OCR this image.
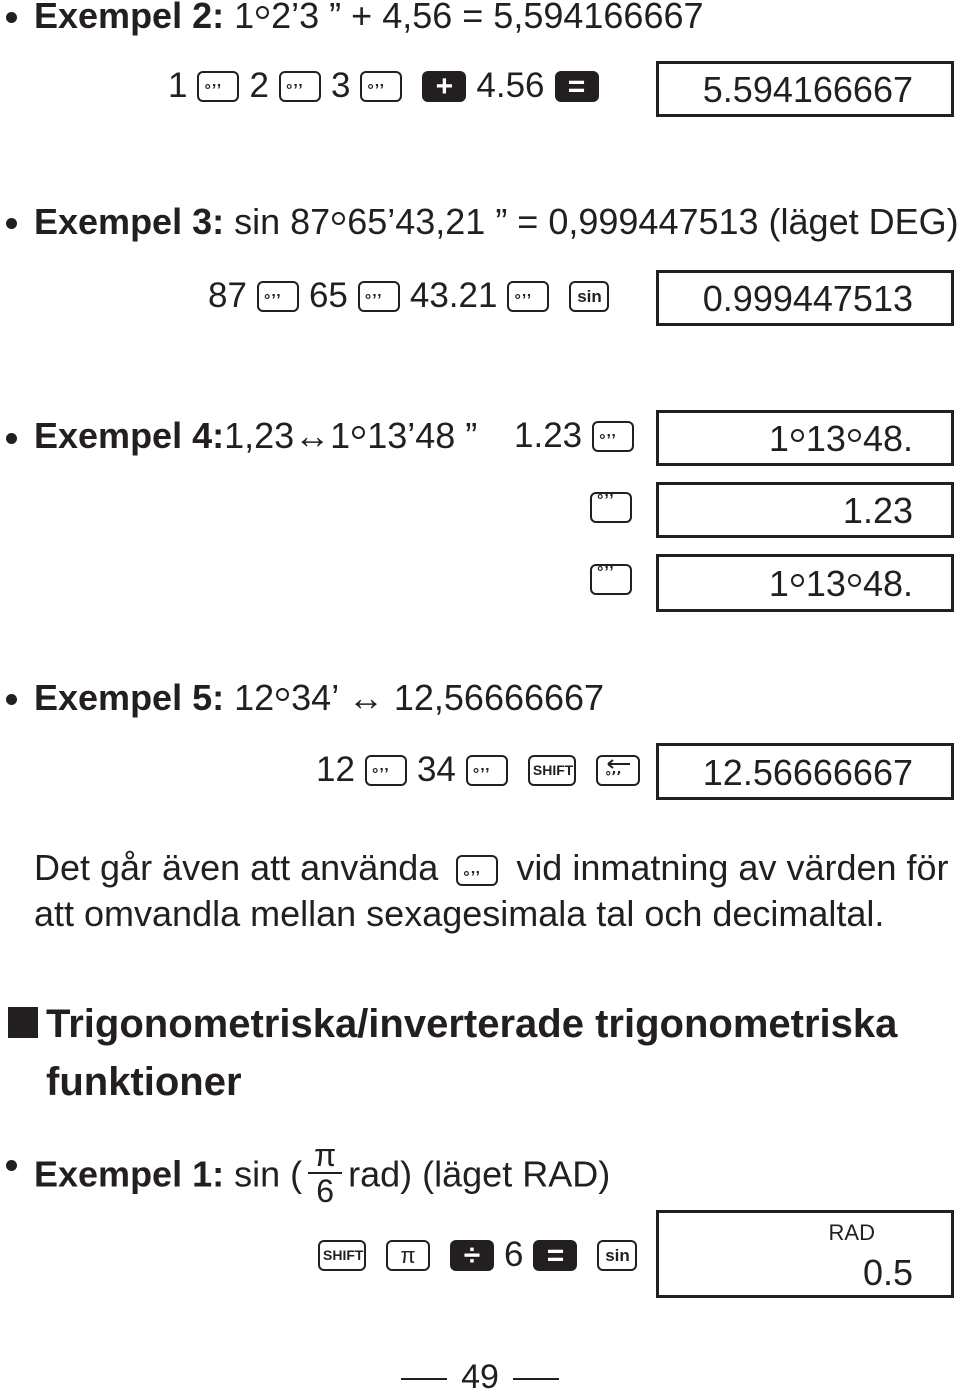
Exempel 2: 1 2’3 ” + 4,56 = 5,594166667
1 °’’ 2 °’’ 3 °’’	+ 4.56 =	5.594166667
Exempel 3: sin 87 65’43,21 ” = 0,999447513 (läget DEG)
87 °’’ 65 °’’ 43.21 °’’	sin	0.999447513
Exempel 4:1,23↔1 13’48 ” 1.23 °’’	1 13 48.
°’’
1.23
°’’
1 13 48.
Exempel 5: 12 34’ ↔ 12,56666667
12 °’’ 34 °’’	SHIFT °’’	12.56666667
Det går även att använda °’’ vid inmatning av värden för
att omvandla mellan sexagesimala tal och decimaltal.
Trigonometriska/inverterade trigonometriska
funktioner
Exempel 1: sin ( $\frac{\pi}{6} rad$) (läget RAD)
SHIFT	π	÷ 6 =	sin
RAD
0.5
49
